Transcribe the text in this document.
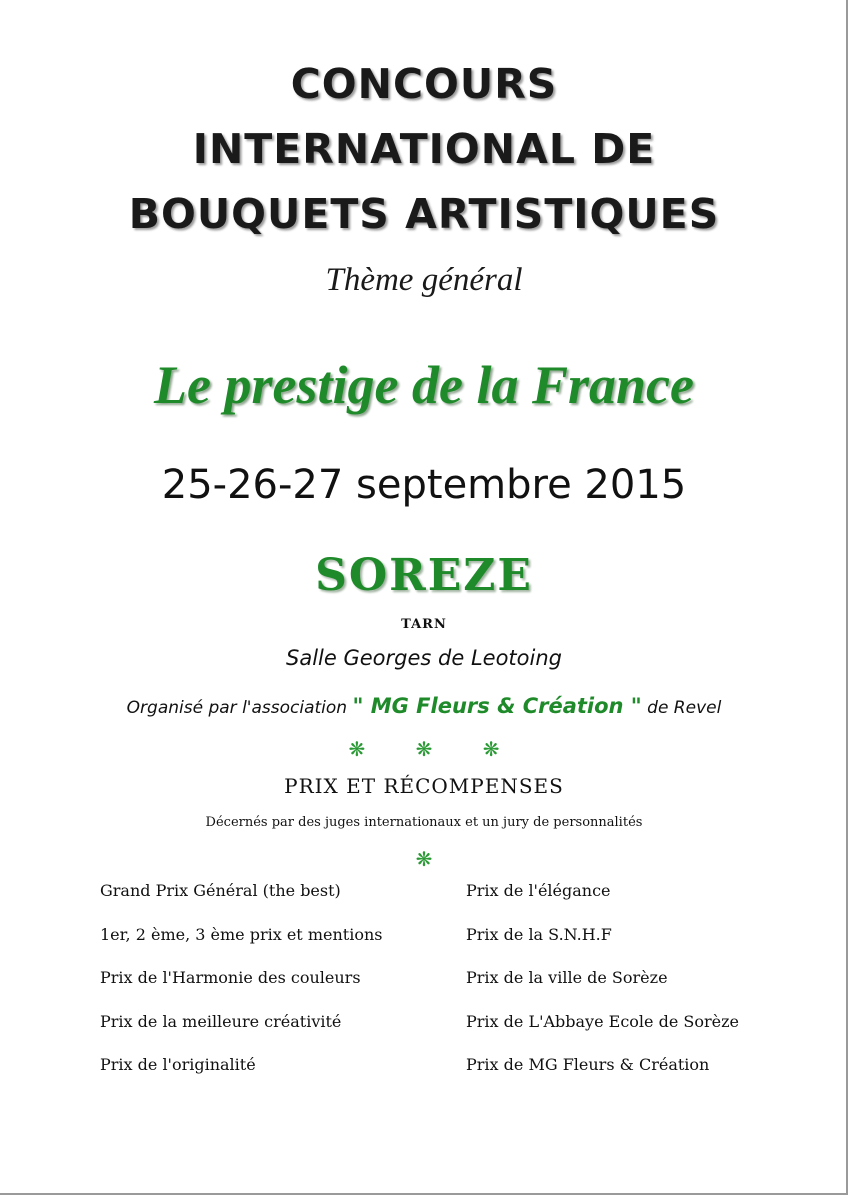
CONCOURS
INTERNATIONAL DE
BOUQUETS ARTISTIQUES
Thème général
Le prestige de la France
25-26-27 septembre 2015
SOREZE
TARN
Salle Georges de Leotoing
Organisé par l'association " MG Fleurs & Création " de Revel
❋ ❋ ❋
PRIX ET RÉCOMPENSES
Décernés par des juges internationaux et un jury de personnalités
❋
Grand Prix Général (the best)
1er, 2 ème, 3 ème prix et mentions
Prix de l'Harmonie des couleurs
Prix de la meilleure créativité
Prix de l'originalité
Prix de l'élégance
Prix de la S.N.H.F
Prix de la ville de Sorèze
Prix de L'Abbaye Ecole de Sorèze
Prix de MG Fleurs & Création
